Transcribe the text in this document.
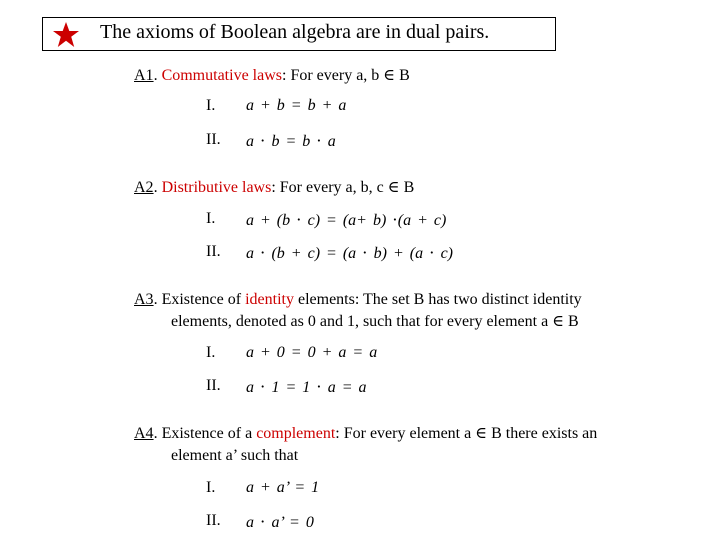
The axioms of Boolean algebra are in dual pairs.
A1. Commutative laws: For every a, b ∈ B
I. a + b = b + a
II. a ⋅ b = b ⋅ a
A2. Distributive laws: For every a, b, c ∈ B
I. a + (b ⋅ c) = (a+ b) ⋅(a + c)
II. a ⋅ (b + c) = (a ⋅ b) + (a ⋅ c)
A3. Existence of identity elements: The set B has two distinct identity
elements, denoted as 0 and 1, such that for every element a ∈ B
I. a + 0 = 0 + a = a
II. a ⋅ 1 = 1 ⋅ a = a
A4. Existence of a complement: For every element a ∈ B there exists an
element a’ such that
I. a + a’ = 1
II. a ⋅ a’ = 0
